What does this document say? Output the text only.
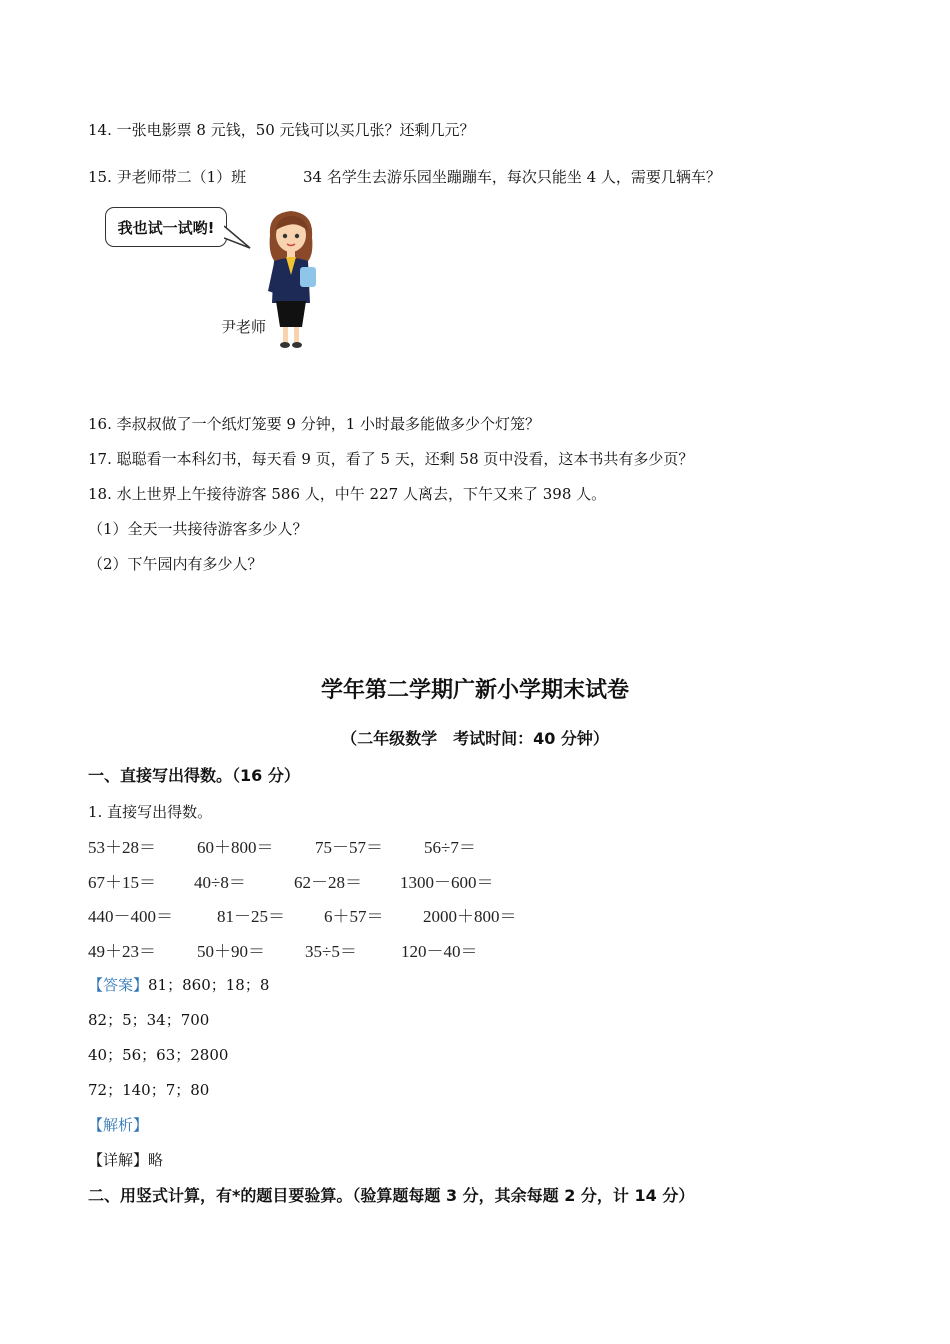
14. 一张电影票 8 元钱，50 元钱可以买几张？还剩几元？
15. 尹老师带二（1）班	34 名学生去游乐园坐蹦蹦车，每次只能坐 4 人，需要几辆车？
我也试一试哟!
尹老师
16. 李叔叔做了一个纸灯笼要 9 分钟，1 小时最多能做多少个灯笼？
17. 聪聪看一本科幻书，每天看 9 页，看了 5 天，还剩 58 页中没看，这本书共有多少页？
18. 水上世界上午接待游客 586 人，中午 227 人离去，下午又来了 398 人。
（1）全天一共接待游客多少人？
（2）下午园内有多少人？
学年第二学期广新小学期末试卷
（二年级数学　考试时间：40 分钟）
一、直接写出得数。（16 分）
1. 直接写出得数。
53＋28＝ 60＋800＝ 75－57＝ 56÷7＝
67＋15＝ 40÷8＝	62－28＝ 1300－600＝
440－400＝	81－25＝ 6＋57＝ 2000＋800＝
49＋23＝ 50＋90＝ 35÷5＝	120－40＝
【答案】81；860；18；8
82；5；34；700
40；56；63；2800
72；140；7；80
【解析】
【详解】略
二、用竖式计算，有*的题目要验算。（验算题每题 3 分，其余每题 2 分，计 14 分）
